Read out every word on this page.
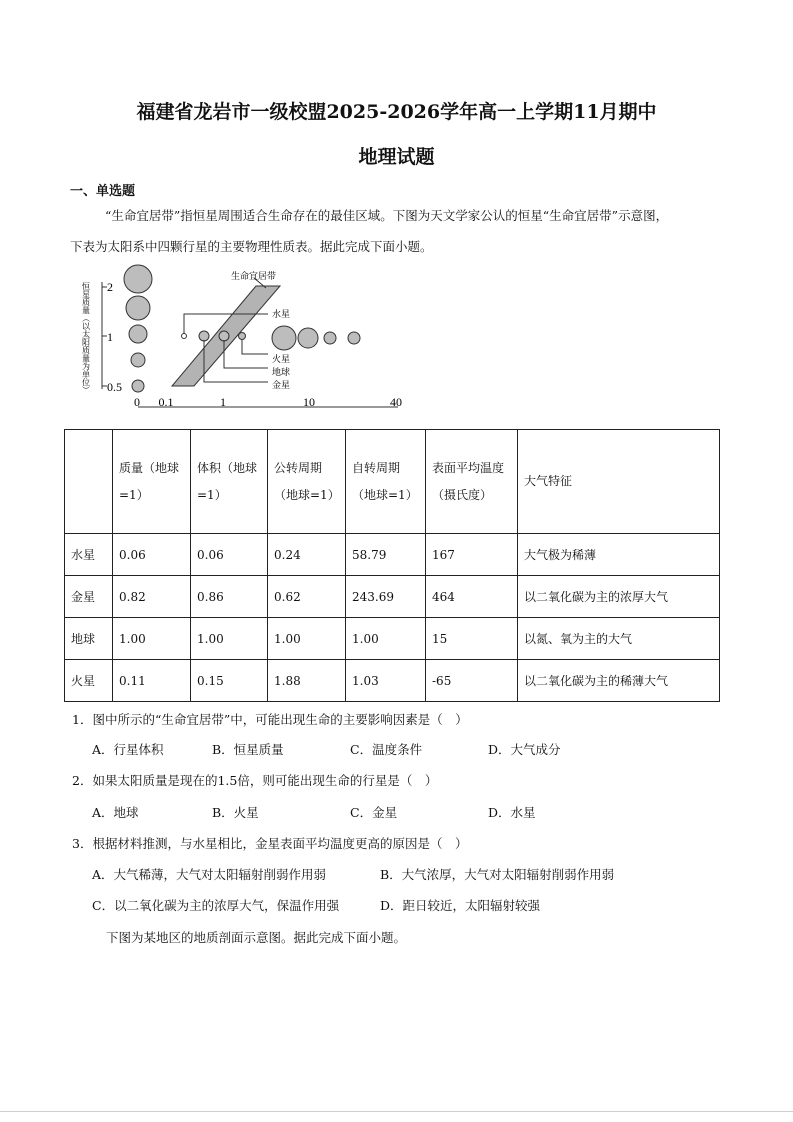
福建省龙岩市一级校盟2025-2026学年高一上学期11月期中
地理试题
一、单选题
“生命宜居带”指恒星周围适合生命存在的最佳区域。下图为天文学家公认的恒星“生命宜居带”示意图，
下表为太阳系中四颗行星的主要物理性质表。据此完成下面小题。
2
1
0.5
恒星质量（以太阳质量为单位）
0 0.1	1	10	40
生命宜居带
水星
火星
地球
金星
	质量（地球=1）	体积（地球=1）	公转周期（地球=1）	自转周期（地球=1）	表面平均温度（摄氏度）	大气特征
水星	0.06	0.06	0.24	58.79	167	大气极为稀薄
金星	0.82	0.86	0.62	243.69	464	以二氧化碳为主的浓厚大气
地球	1.00	1.00	1.00	1.00	15	以氮、氧为主的大气
火星	0.11	0.15	1.88	1.03	-65	以二氧化碳为主的稀薄大气
1．图中所示的“生命宜居带”中，可能出现生命的主要影响因素是（　）
A．行星体积	B．恒星质量	C．温度条件	D．大气成分
2．如果太阳质量是现在的1.5倍，则可能出现生命的行星是（　）
A．地球	B．火星	C．金星	D．水星
3．根据材料推测，与水星相比，金星表面平均温度更高的原因是（　）
A．大气稀薄，大气对太阳辐射削弱作用弱	B．大气浓厚，大气对太阳辐射削弱作用弱
C．以二氧化碳为主的浓厚大气，保温作用强	D．距日较近，太阳辐射较强
下图为某地区的地质剖面示意图。据此完成下面小题。
